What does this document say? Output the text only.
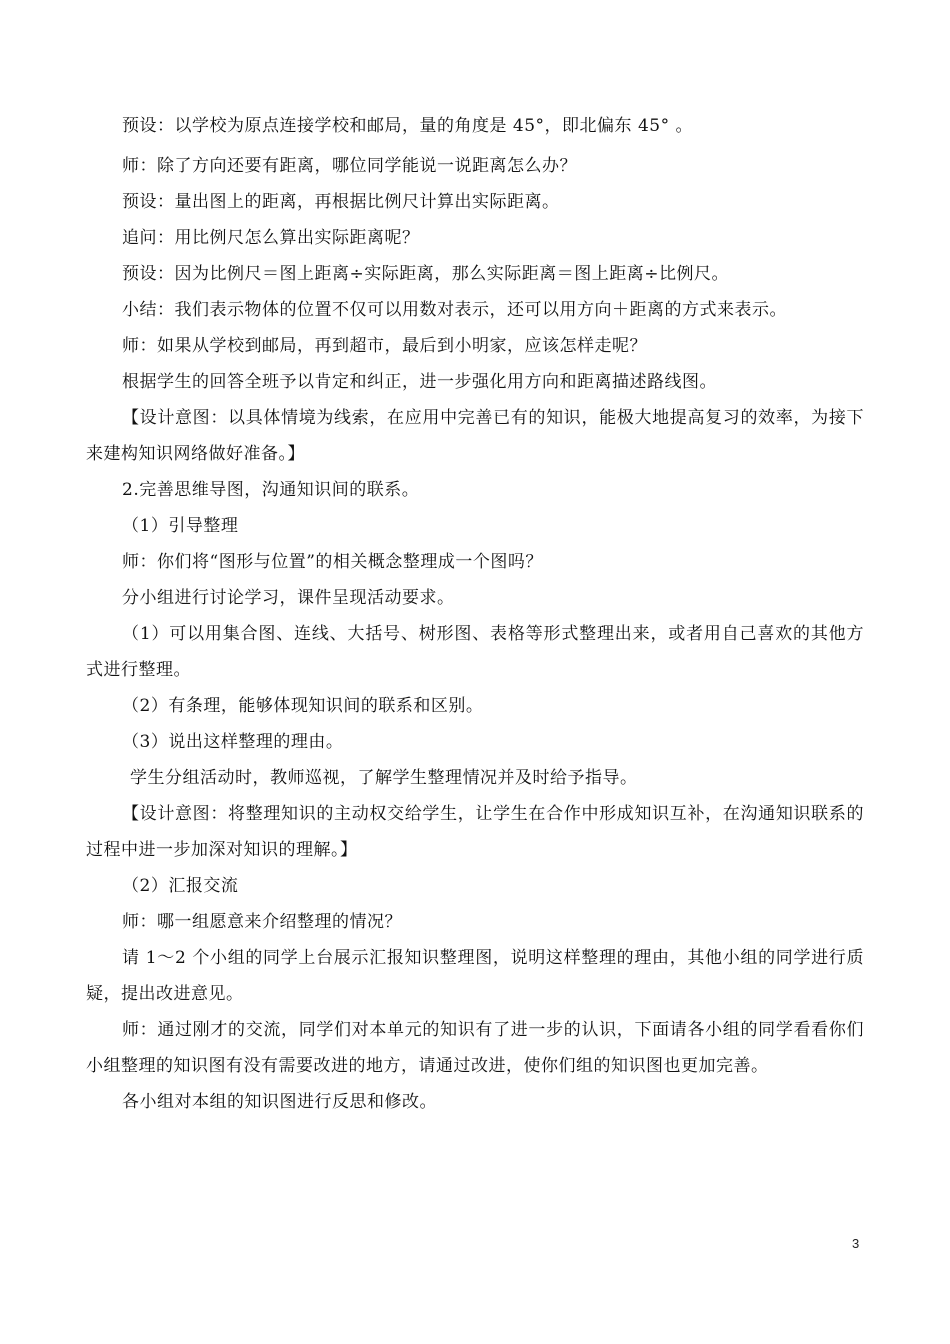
预设：以学校为原点连接学校和邮局，量的角度是 45°，即北偏东 45° 。

师：除了方向还要有距离，哪位同学能说一说距离怎么办？

预设：量出图上的距离，再根据比例尺计算出实际距离。

追问：用比例尺怎么算出实际距离呢？

预设：因为比例尺＝图上距离÷实际距离，那么实际距离＝图上距离÷比例尺。

小结：我们表示物体的位置不仅可以用数对表示，还可以用方向＋距离的方式来表示。

师：如果从学校到邮局，再到超市，最后到小明家，应该怎样走呢？

根据学生的回答全班予以肯定和纠正，进一步强化用方向和距离描述路线图。

【设计意图：以具体情境为线索，在应用中完善已有的知识，能极大地提高复习的效率，为接下来建构知识网络做好准备。】

2.完善思维导图，沟通知识间的联系。

（1）引导整理

师：你们将“图形与位置”的相关概念整理成一个图吗？

分小组进行讨论学习，课件呈现活动要求。

（1）可以用集合图、连线、大括号、树形图、表格等形式整理出来，或者用自己喜欢的其他方式进行整理。

（2）有条理，能够体现知识间的联系和区别。

（3）说出这样整理的理由。

学生分组活动时，教师巡视，了解学生整理情况并及时给予指导。

【设计意图：将整理知识的主动权交给学生，让学生在合作中形成知识互补，在沟通知识联系的过程中进一步加深对知识的理解。】

（2）汇报交流

师：哪一组愿意来介绍整理的情况？

请 1～2 个小组的同学上台展示汇报知识整理图，说明这样整理的理由，其他小组的同学进行质疑，提出改进意见。

师：通过刚才的交流，同学们对本单元的知识有了进一步的认识，下面请各小组的同学看看你们小组整理的知识图有没有需要改进的地方，请通过改进，使你们组的知识图也更加完善。

各小组对本组的知识图进行反思和修改。

3
